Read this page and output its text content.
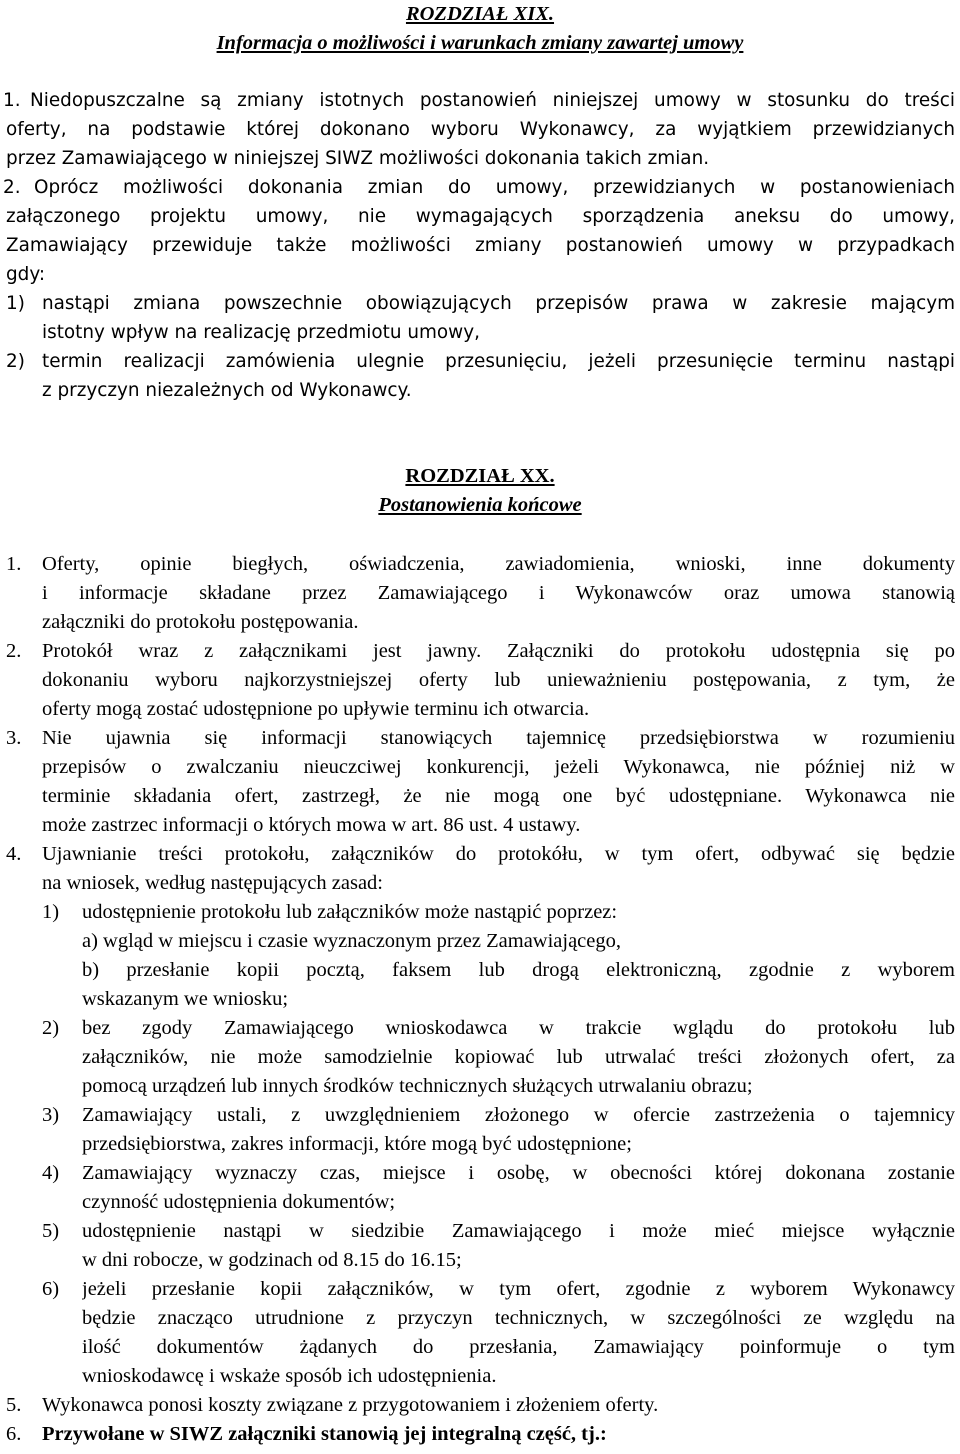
ROZDZIAŁ XIX.
Informacja o możliwości i warunkach zmiany zawartej umowy
1. Niedopuszczalne są zmiany istotnych postanowień niniejszej umowy w stosunku do treści
oferty, na podstawie której dokonano wyboru Wykonawcy, za wyjątkiem przewidzianych
przez Zamawiającego w niniejszej SIWZ możliwości dokonania takich zmian.
2. Oprócz możliwości dokonania zmian do umowy, przewidzianych w postanowieniach
załączonego projektu umowy, nie wymagających sporządzenia aneksu do umowy,
Zamawiający przewiduje także możliwości zmiany postanowień umowy w przypadkach
gdy:
1) nastąpi zmiana powszechnie obowiązujących przepisów prawa w zakresie mającym
istotny wpływ na realizację przedmiotu umowy,
2) termin realizacji zamówienia ulegnie przesunięciu, jeżeli przesunięcie terminu nastąpi
z przyczyn niezależnych od Wykonawcy.
ROZDZIAŁ XX.
Postanowienia końcowe
1. Oferty, opinie biegłych, oświadczenia, zawiadomienia, wnioski, inne dokumenty
i informacje składane przez Zamawiającego i Wykonawców oraz umowa stanowią
załączniki do protokołu postępowania.
2. Protokół wraz z załącznikami jest jawny. Załączniki do protokołu udostępnia się po
dokonaniu wyboru najkorzystniejszej oferty lub unieważnieniu postępowania, z tym, że
oferty mogą zostać udostępnione po upływie terminu ich otwarcia.
3. Nie ujawnia się informacji stanowiących tajemnicę przedsiębiorstwa w rozumieniu
przepisów o zwalczaniu nieuczciwej konkurencji, jeżeli Wykonawca, nie później niż w
terminie składania ofert, zastrzegł, że nie mogą one być udostępniane. Wykonawca nie
może zastrzec informacji o których mowa w art. 86 ust. 4 ustawy.
4. Ujawnianie treści protokołu, załączników do protokółu, w tym ofert, odbywać się będzie
na wniosek, według następujących zasad:
1) udostępnienie protokołu lub załączników może nastąpić poprzez:
a) wgląd w miejscu i czasie wyznaczonym przez Zamawiającego,
b) przesłanie kopii pocztą, faksem lub drogą elektroniczną, zgodnie z wyborem
wskazanym we wniosku;
2) bez zgody Zamawiającego wnioskodawca w trakcie wglądu do protokołu lub
załączników, nie może samodzielnie kopiować lub utrwalać treści złożonych ofert, za
pomocą urządzeń lub innych środków technicznych służących utrwalaniu obrazu;
3) Zamawiający ustali, z uwzględnieniem złożonego w ofercie zastrzeżenia o tajemnicy
przedsiębiorstwa, zakres informacji, które mogą być udostępnione;
4) Zamawiający wyznaczy czas, miejsce i osobę, w obecności której dokonana zostanie
czynność udostępnienia dokumentów;
5) udostępnienie nastąpi w siedzibie Zamawiającego i może mieć miejsce wyłącznie
w dni robocze, w godzinach od 8.15 do 16.15;
6) jeżeli przesłanie kopii załączników, w tym ofert, zgodnie z wyborem Wykonawcy
będzie znacząco utrudnione z przyczyn technicznych, w szczególności ze względu na
ilość dokumentów żądanych do przesłania, Zamawiający poinformuje o tym
wnioskodawcę i wskaże sposób ich udostępnienia.
5. Wykonawca ponosi koszty związane z przygotowaniem i złożeniem oferty.
6. Przywołane w SIWZ załączniki stanowią jej integralną część, tj.:
